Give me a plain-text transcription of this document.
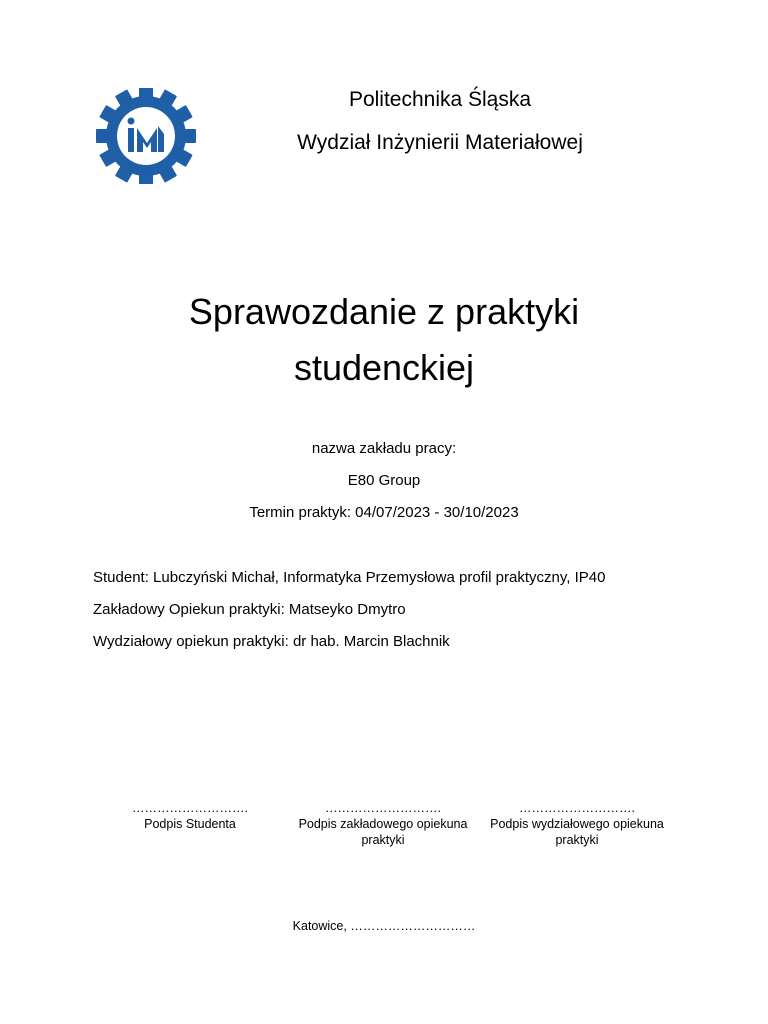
Politechnika Śląska
Wydział Inżynierii Materiałowej
Sprawozdanie z praktyki
studenckiej
nazwa zakładu pracy:
E80 Group
Termin praktyk: 04/07/2023 - 30/10/2023
Student: Lubczyński Michał, Informatyka Przemysłowa profil praktyczny, IP40
Zakładowy Opiekun praktyki: Matseyko Dmytro
Wydziałowy opiekun praktyki: dr hab. Marcin Blachnik
……………………….
Podpis Studenta
……………………….
Podpis zakładowego opiekuna praktyki
……………………….
Podpis wydziałowego opiekuna praktyki
Katowice, …………………………
